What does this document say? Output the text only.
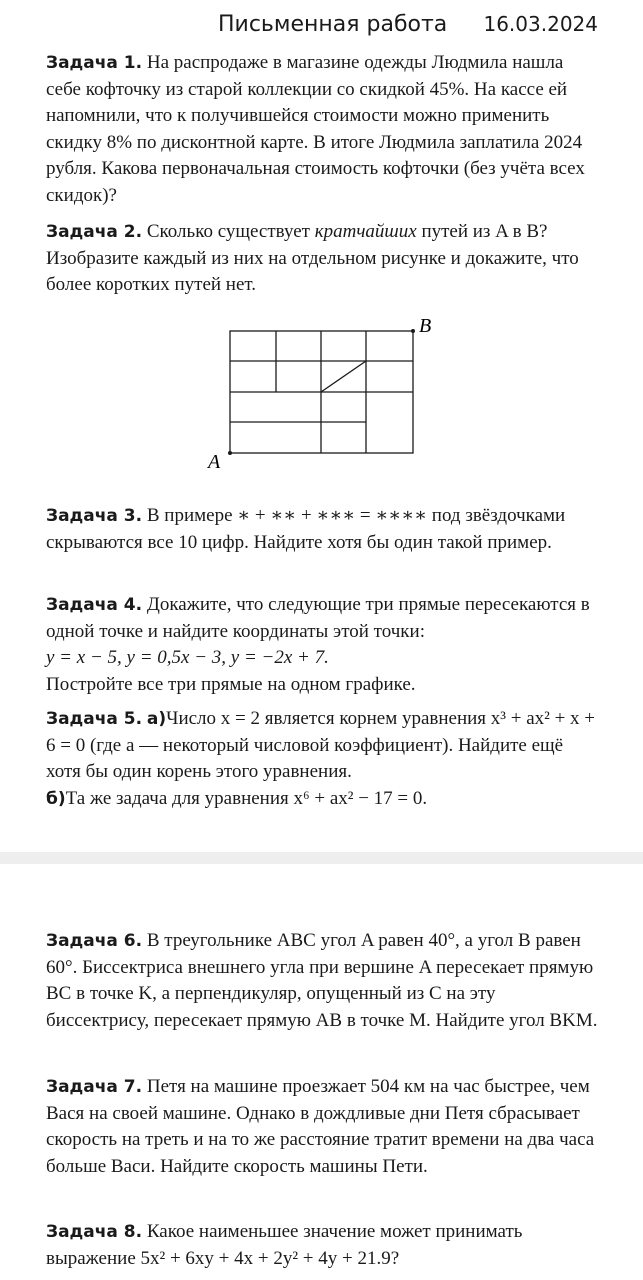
Письменная работа 16.03.2024

Задача 1. На распродаже в магазине одежды Людмила нашла себе кофточку из старой коллекции со скидкой 45%. На кассе ей напомнили, что к получившейся стоимости можно применить скидку 8% по дисконтной карте. В итоге Людмила заплатила 2024 рубля. Какова первоначальная стоимость кофточки (без учёта всех скидок)?

Задача 2. Сколько существует кратчайших путей из A в B? Изобразите каждый из них на отдельном рисунке и докажите, что более коротких путей нет.

A
B

Задача 3. В примере ∗ + ∗∗ + ∗∗∗ = ∗∗∗∗ под звёздочками скрываются все 10 цифр. Найдите хотя бы один такой пример.

Задача 4. Докажите, что следующие три прямые пересекаются в одной точке и найдите координаты этой точки:

y = x − 5, y = 0,5x − 3, y = −2x + 7.

Постройте все три прямые на одном графике.

Задача 5. а)Число x = 2 является корнем уравнения x³ + ax² + x + 6 = 0 (где a — некоторый числовой коэффициент). Найдите ещё хотя бы один корень этого уравнения.

б)Та же задача для уравнения x⁶ + ax² − 17 = 0.

Задача 6. В треугольнике ABC угол A равен 40°, а угол B равен 60°. Биссектриса внешнего угла при вершине A пересекает прямую BC в точке K, а перпендикуляр, опущенный из C на эту биссектрису, пересекает прямую AB в точке M. Найдите угол BKM.

Задача 7. Петя на машине проезжает 504 км на час быстрее, чем Вася на своей машине. Однако в дождливые дни Петя сбрасывает скорость на треть и на то же расстояние тратит времени на два часа больше Васи. Найдите скорость машины Пети.

Задача 8. Какое наименьшее значение может принимать выражение 5x² + 6xy + 4x + 2y² + 4y + 21.9?
